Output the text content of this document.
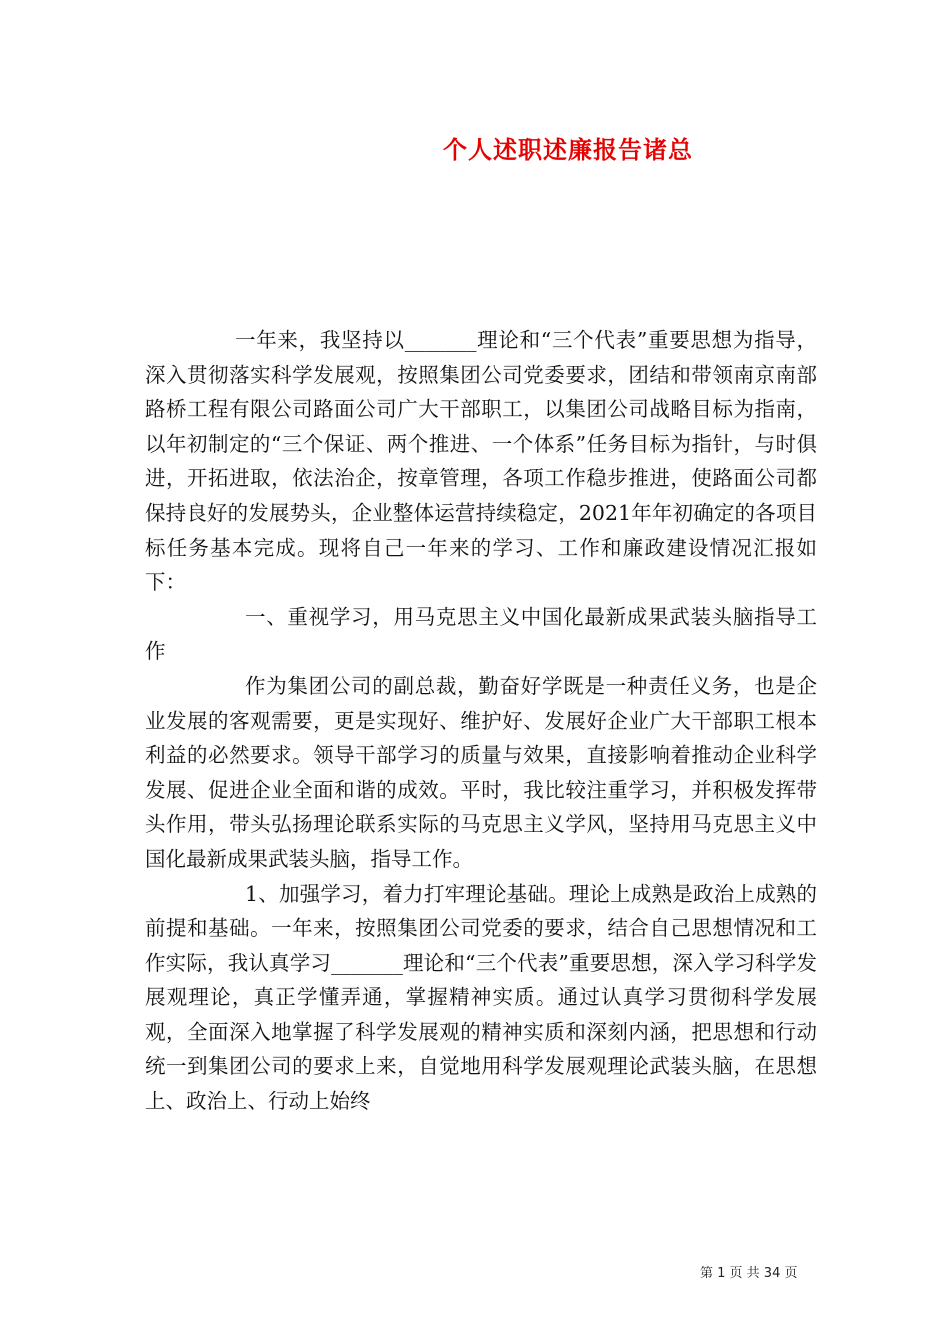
个人述职述廉报告诸总

一年来，我坚持以_______理论和“三个代表”重要思想为指导，深入贯彻落实科学发展观，按照集团公司党委要求，团结和带领南京南部路桥工程有限公司路面公司广大干部职工，以集团公司战略目标为指南，以年初制定的“三个保证、两个推进、一个体系”任务目标为指针，与时俱进，开拓进取，依法治企，按章管理，各项工作稳步推进，使路面公司都保持良好的发展势头，企业整体运营持续稳定，2021年年初确定的各项目标任务基本完成。现将自己一年来的学习、工作和廉政建设情况汇报如下：

一、重视学习，用马克思主义中国化最新成果武装头脑指导工作

作为集团公司的副总裁，勤奋好学既是一种责任义务，也是企业发展的客观需要，更是实现好、维护好、发展好企业广大干部职工根本利益的必然要求。领导干部学习的质量与效果，直接影响着推动企业科学发展、促进企业全面和谐的成效。平时，我比较注重学习，并积极发挥带头作用，带头弘扬理论联系实际的马克思主义学风，坚持用马克思主义中国化最新成果武装头脑，指导工作。

1、加强学习，着力打牢理论基础。理论上成熟是政治上成熟的前提和基础。一年来，按照集团公司党委的要求，结合自己思想情况和工作实际，我认真学习_______理论和“三个代表”重要思想，深入学习科学发展观理论，真正学懂弄通，掌握精神实质。通过认真学习贯彻科学发展观，全面深入地掌握了科学发展观的精神实质和深刻内涵，把思想和行动统一到集团公司的要求上来，自觉地用科学发展观理论武装头脑，在思想上、政治上、行动上始终

第 1 页 共 34 页
